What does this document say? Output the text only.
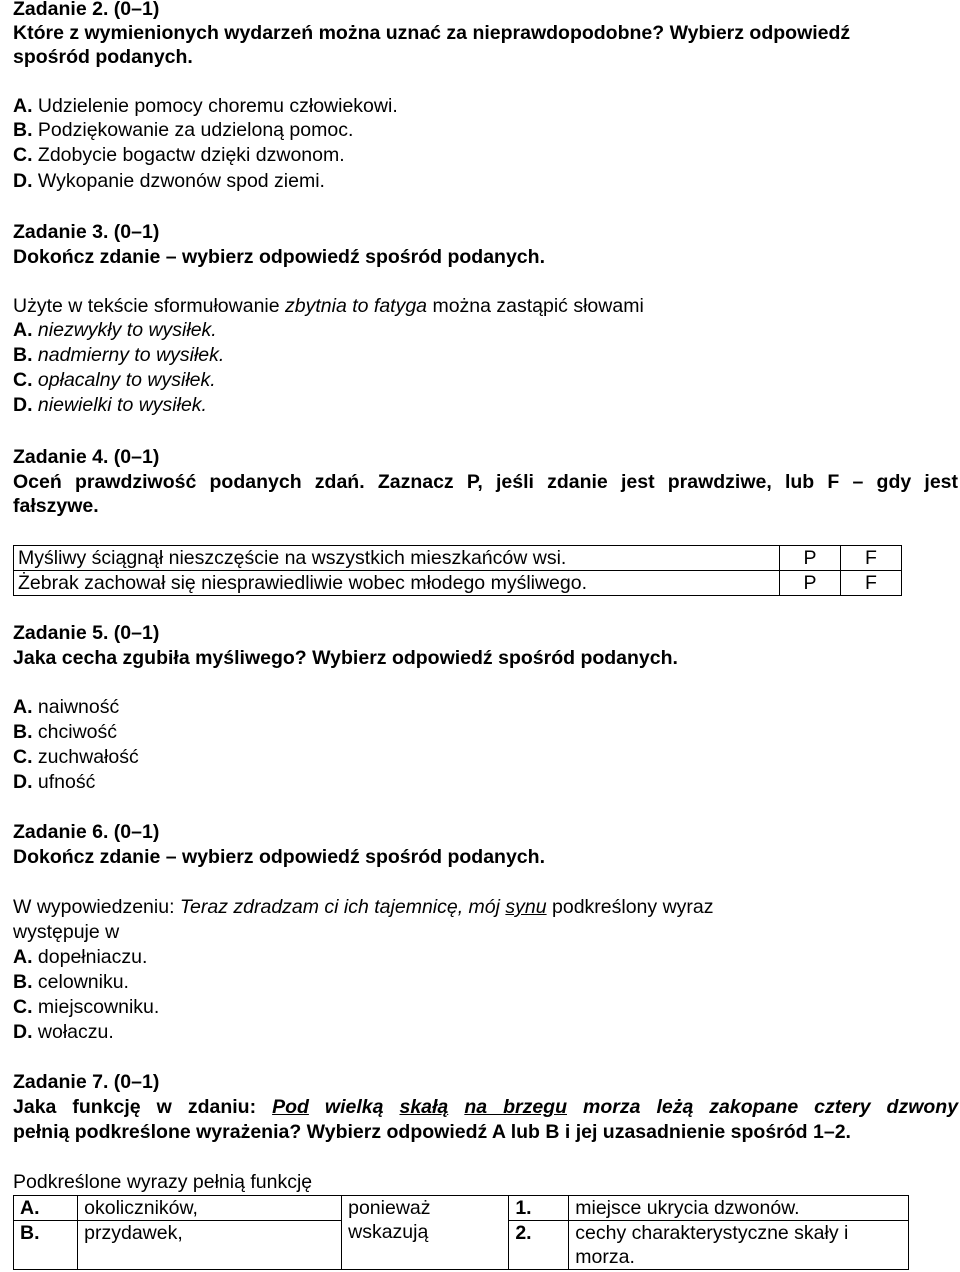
Zadanie 2. (0–1)
Które z wymienionych wydarzeń można uznać za nieprawdopodobne? Wybierz odpowiedź
spośród podanych.
A. Udzielenie pomocy choremu człowiekowi.
B. Podziękowanie za udzieloną pomoc.
C. Zdobycie bogactw dzięki dzwonom.
D. Wykopanie dzwonów spod ziemi.
Zadanie 3. (0–1)
Dokończ zdanie – wybierz odpowiedź spośród podanych.
Użyte w tekście sformułowanie zbytnia to fatyga można zastąpić słowami
A. niezwykły to wysiłek.
B. nadmierny to wysiłek.
C. opłacalny to wysiłek.
D. niewielki to wysiłek.
Zadanie 4. (0–1)
Oceń prawdziwość podanych zdań. Zaznacz P, jeśli zdanie jest prawdziwe, lub F – gdy jest
fałszywe.
Myśliwy ściągnął nieszczęście na wszystkich mieszkańców wsi.	P	F
Żebrak zachował się niesprawiedliwie wobec młodego myśliwego.	P	F
Zadanie 5. (0–1)
Jaka cecha zgubiła myśliwego? Wybierz odpowiedź spośród podanych.
A. naiwność
B. chciwość
C. zuchwałość
D. ufność
Zadanie 6. (0–1)
Dokończ zdanie – wybierz odpowiedź spośród podanych.
W wypowiedzeniu: Teraz zdradzam ci ich tajemnicę, mój synu podkreślony wyraz
występuje w
A. dopełniaczu.
B. celowniku.
C. miejscowniku.
D. wołaczu.
Zadanie 7. (0–1)
Jaka funkcję w zdaniu: Pod wielką skałą na brzegu morza leżą zakopane cztery dzwony
pełnią podkreślone wyrażenia? Wybierz odpowiedź A lub B i jej uzasadnienie spośród 1–2.
Podkreślone wyrazy pełnią funkcję
A.	okoliczników,	ponieważ wskazują	1.	miejsce ukrycia dzwonów.
B.	przydawek,		2.	cechy charakterystyczne skały i morza.
